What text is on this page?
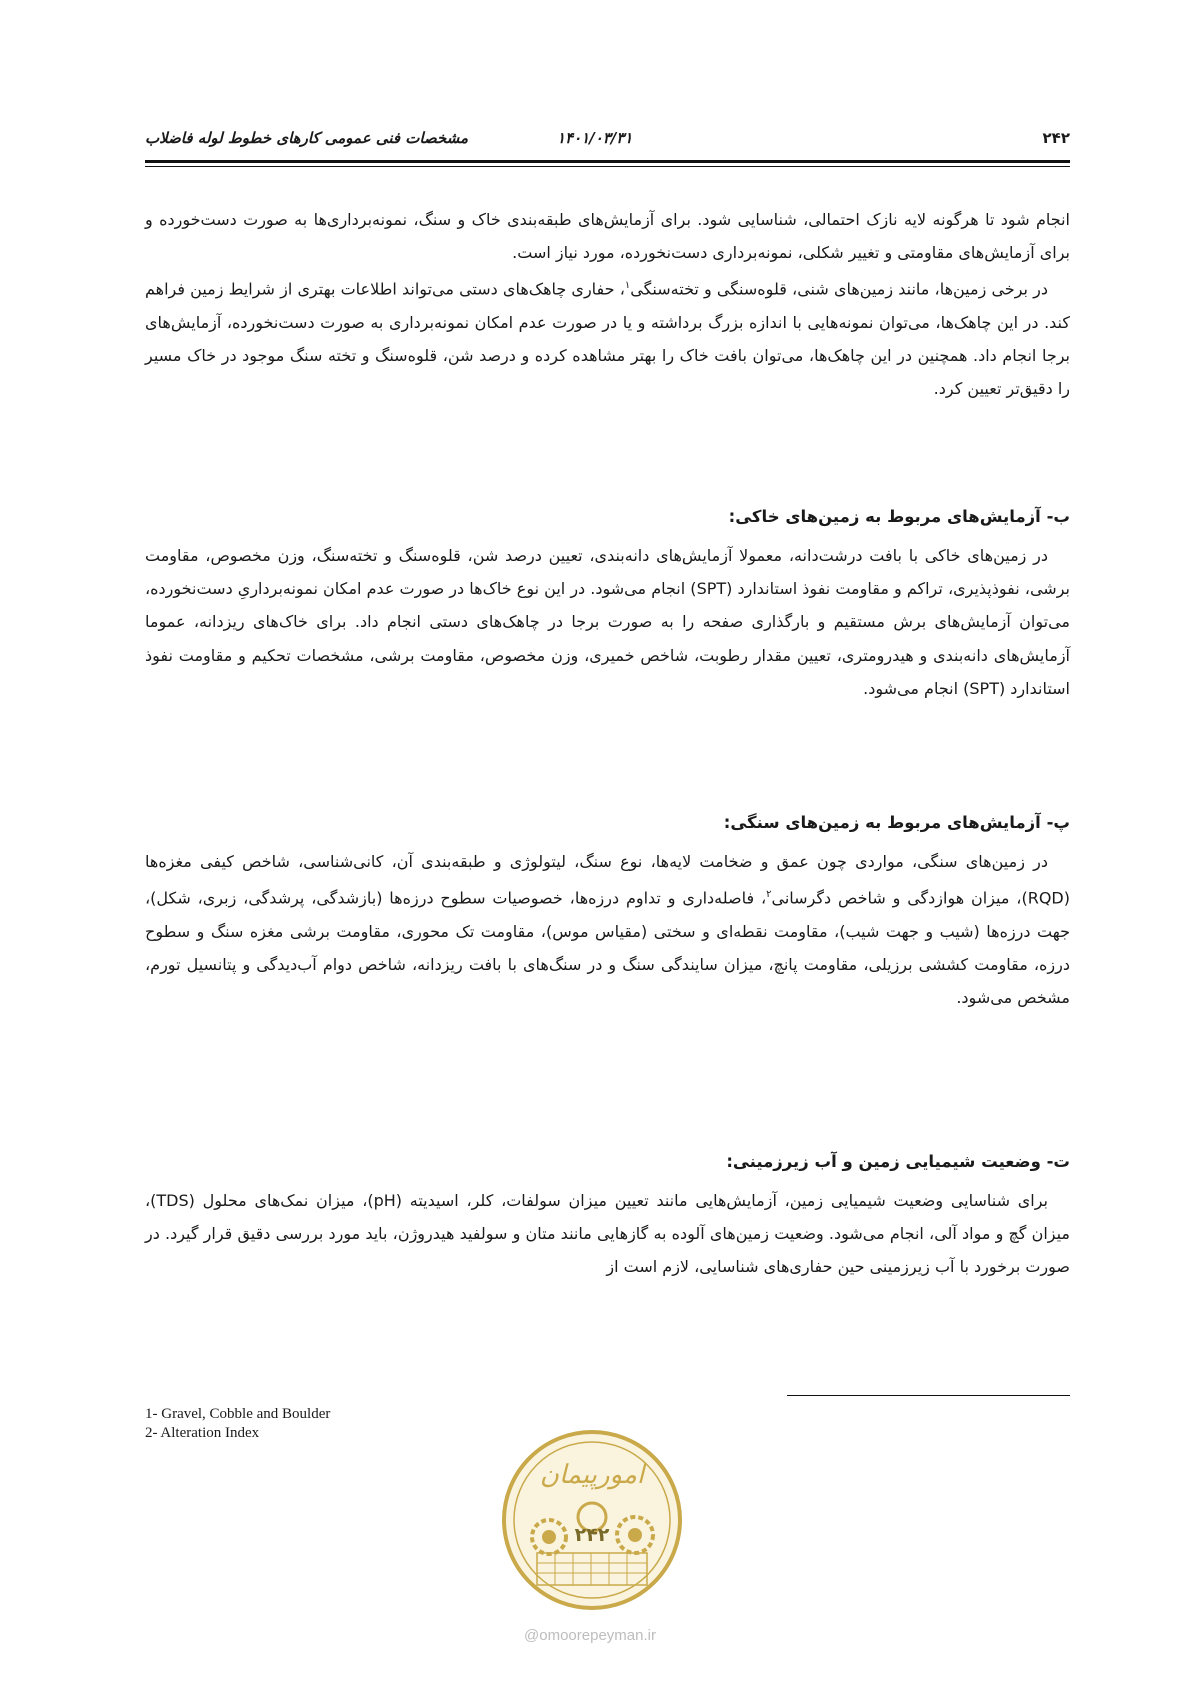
۲۴۲
۱۴۰۱/۰۳/۳۱
مشخصات فنی عمومی کارهای خطوط لوله فاضلاب

انجام شود تا هرگونه لایه نازک احتمالی، شناسایی شود. برای آزمایش‌های طبقه‌بندی خاک و سنگ، نمونه‌برداری‌ها به صورت دست‌خورده و برای آزمایش‌های مقاومتی و تغییر شکلی، نمونه‌برداری دست‌نخورده، مورد نیاز است.

در برخی زمین‌ها، مانند زمین‌های شنی، قلوه‌سنگی و تخته‌سنگی$^۱$، حفاری چاهک‌های دستی می‌تواند اطلاعات بهتری از شرایط زمین فراهم کند. در این چاهک‌ها، می‌توان نمونه‌هایی با اندازه بزرگ برداشته و یا در صورت عدم امکان نمونه‌برداری به صورت دست‌نخورده، آزمایش‌های برجا انجام داد. همچنین در این چاهک‌ها، می‌توان بافت خاک را بهتر مشاهده کرده و درصد شن، قلوه‌سنگ و تخته سنگ موجود در خاک مسیر را دقیق‌تر تعیین کرد.

ب- آزمایش‌های مربوط به زمین‌های خاکی:

در زمین‌های خاکی با بافت درشت‌دانه، معمولا آزمایش‌های دانه‌بندی، تعیین درصد شن، قلوه‌سنگ و تخته‌سنگ، وزن مخصوص، مقاومت برشی، نفوذپذیری، تراکم و مقاومت نفوذ استاندارد (SPT) انجام می‌شود. در این نوع خاک‌ها در صورت عدم امکان نمونه‌برداریِ دست‌نخورده، می‌توان آزمایش‌های برش مستقیم و بارگذاری صفحه را به صورت برجا در چاهک‌های دستی انجام داد. برای خاک‌های ریزدانه، عموما آزمایش‌های دانه‌بندی و هیدرومتری، تعیین مقدار رطوبت، شاخص خمیری، وزن مخصوص، مقاومت برشی، مشخصات تحکیم و مقاومت نفوذ استاندارد (SPT) انجام می‌شود.

پ- آزمایش‌های مربوط به زمین‌های سنگی:

در زمین‌های سنگی، مواردی چون عمق و ضخامت لایه‌ها، نوع سنگ، لیتولوژی و طبقه‌بندی آن، کانی‌شناسی، شاخص کیفی مغزه‌ها (RQD)، میزان هوازدگی و شاخص دگرسانی$^۲$، فاصله‌داری و تداوم درزه‌ها، خصوصیات سطوح درزه‌ها (بازشدگی، پرشدگی، زبری، شکل)، جهت درزه‌ها (شیب و جهت شیب)، مقاومت نقطه‌ای و سختی (مقیاس موس)، مقاومت تک محوری، مقاومت برشی مغزه سنگ و سطوح درزه، مقاومت کششی برزیلی، مقاومت پانچ، میزان سایندگی سنگ و در سنگ‌های با بافت ریزدانه، شاخص دوام آب‌دیدگی و پتانسیل تورم، مشخص می‌شود.

ت- وضعیت شیمیایی زمین و آب زیرزمینی:

برای شناسایی وضعیت شیمیایی زمین، آزمایش‌هایی مانند تعیین میزان سولفات، کلر، اسیدیته (pH)، میزان نمک‌های محلول (TDS)، میزان گچ و مواد آلی، انجام می‌شود. وضعیت زمین‌های آلوده به گازهایی مانند متان و سولفید هیدروژن، باید مورد بررسی دقیق قرار گیرد. در صورت برخورد با آب زیرزمینی حین حفاری‌های شناسایی، لازم است از

1- Gravel, Cobble and Boulder
2- Alteration Index
امورپیمان
۲۴۲
@omoorepeyman.ir
